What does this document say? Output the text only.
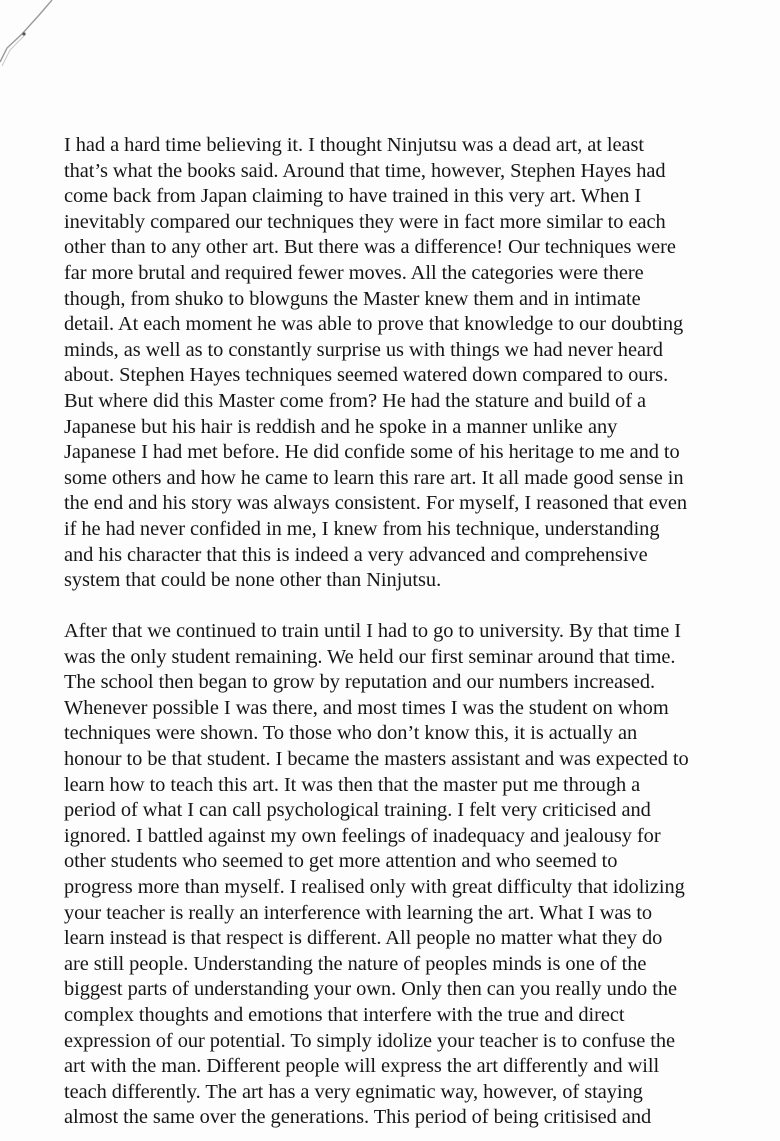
I had a hard time believing it. I thought Ninjutsu was a dead art, at least
that’s what the books said. Around that time, however, Stephen Hayes had
come back from Japan claiming to have trained in this very art. When I
inevitably compared our techniques they were in fact more similar to each
other than to any other art. But there was a difference! Our techniques were
far more brutal and required fewer moves. All the categories were there
though, from shuko to blowguns the Master knew them and in intimate
detail. At each moment he was able to prove that knowledge to our doubting
minds, as well as to constantly surprise us with things we had never heard
about. Stephen Hayes techniques seemed watered down compared to ours.
But where did this Master come from? He had the stature and build of a
Japanese but his hair is reddish and he spoke in a manner unlike any
Japanese I had met before. He did confide some of his heritage to me and to
some others and how he came to learn this rare art. It all made good sense in
the end and his story was always consistent. For myself, I reasoned that even
if he had never confided in me, I knew from his technique, understanding
and his character that this is indeed a very advanced and comprehensive
system that could be none other than Ninjutsu.
After that we continued to train until I had to go to university. By that time I
was the only student remaining. We held our first seminar around that time.
The school then began to grow by reputation and our numbers increased.
Whenever possible I was there, and most times I was the student on whom
techniques were shown. To those who don’t know this, it is actually an
honour to be that student. I became the masters assistant and was expected to
learn how to teach this art. It was then that the master put me through a
period of what I can call psychological training. I felt very criticised and
ignored. I battled against my own feelings of inadequacy and jealousy for
other students who seemed to get more attention and who seemed to
progress more than myself. I realised only with great difficulty that idolizing
your teacher is really an interference with learning the art. What I was to
learn instead is that respect is different. All people no matter what they do
are still people. Understanding the nature of peoples minds is one of the
biggest parts of understanding your own. Only then can you really undo the
complex thoughts and emotions that interfere with the true and direct
expression of our potential. To simply idolize your teacher is to confuse the
art with the man. Different people will express the art differently and will
teach differently. The art has a very egnimatic way, however, of staying
almost the same over the generations. This period of being critisised and
